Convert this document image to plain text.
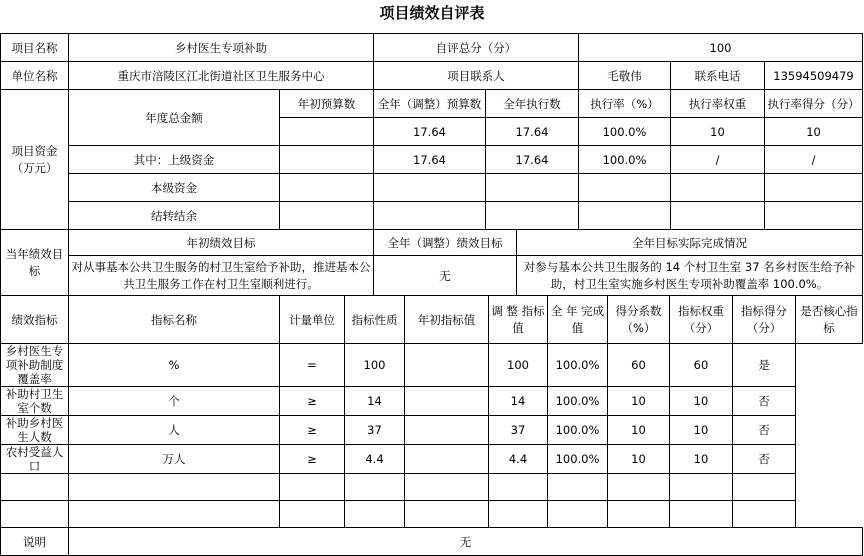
项目绩效自评表
项目名称	乡村医生专项补助		自评总分（分）		100		
单位名称	重庆市涪陵区江北街道社区卫生服务中心		项目联系人		毛敬伟	联系电话	13594509479
项目资金（万元）	年度总金额	年初预算数	全年（调整）预算数	全年执行数	执行率（%）	执行率权重	执行率得分（分）
			17.64	17.64	100.0%	10	10
	其中：上级资金		17.64	17.64	100.0%	/	/
	本级资金						
	结转结余						
当年绩效目标	年初绩效目标	全年（调整）绩效目标	全年目标实际完成情况
	对从事基本公共卫生服务的村卫生室给予补助，推进基本公共卫生服务工作在村卫生室顺利进行。	无	对参与基本公共卫生服务的 14 个村卫生室 37 名乡村医生给予补助，村卫生室实施乡村医生专项补助覆盖率 100.0%。
绩效指标	指标名称	计量单位	指标性质	年初指标值	调 整 指标值	全 年 完成值	得分系数（%）	指标权重（分）	指标得分（分）	是否核心指标
乡村医生专项补助制度覆盖率	%	=	100		100	100.0%	60	60	是	
补助村卫生室个数	个	≥	14		14	100.0%	10	10	否	
补助乡村医生人数	人	≥	37		37	100.0%	10	10	否	
农村受益人口	万人	≥	4.4		4.4	100.0%	10	10	否	

说明	无
